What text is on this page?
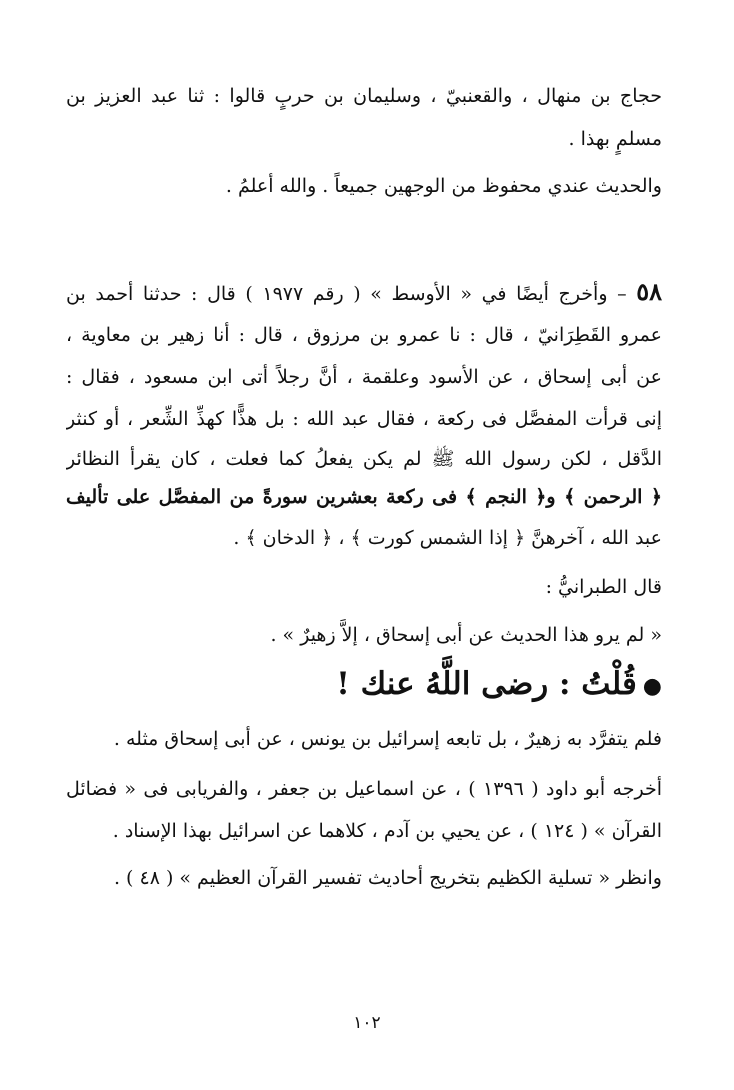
حجاج بن منهال ، والقعنبيّ ، وسليمان بن حربٍ قالوا : ثنا عبد العزيز بن
مسلمٍ بهذا .
والحديث عندي محفوظ من الوجهين جميعاً . والله أعلمُ .
٥٨ – وأخرج أيضًا في « الأوسط » ( رقم ١٩٧٧ ) قال : حدثنا أحمد بن
عمرو القَطِرَانيّ ، قال : نا عمرو بن مرزوق ، قال : أنا زهير بن معاوية ،
عن أبى إسحاق ، عن الأسود وعلقمة ، أنَّ رجلاً أتى ابن مسعود ، فقال :
إنى قرأت المفصَّل فى ركعة ، فقال عبد الله : بل هذًّا كهذِّ الشِّعر ، أو كنثر
الدَّقل ، لكن رسول الله ﷺ لم يكن يفعلُ كما فعلت ، كان يقرأ النظائر
﴿ الرحمن ﴾ و﴿ النجم ﴾ فى ركعة بعشرين سورةً من المفصَّل على تأليف
عبد الله ، آخرهنَّ ﴿ إذا الشمس كورت ﴾ ، ﴿ الدخان ﴾ .
قال الطبرانيُّ :
« لم يرو هذا الحديث عن أبى إسحاق ، إلاَّ زهيرٌ » .
●قُلْتُ : رضى اللَّهُ عنك !
فلم يتفرَّد به زهيرٌ ، بل تابعه إسرائيل بن يونس ، عن أبى إسحاق مثله .
أخرجه أبو داود ( ١٣٩٦ ) ، عن اسماعيل بن جعفر ، والفريابى فى « فضائل
القرآن » ( ١٢٤ ) ، عن يحيي بن آدم ، كلاهما عن اسرائيل بهذا الإسناد .
وانظر « تسلية الكظيم بتخريج أحاديث تفسير القرآن العظيم » ( ٤٨ ) .
١٠٢
